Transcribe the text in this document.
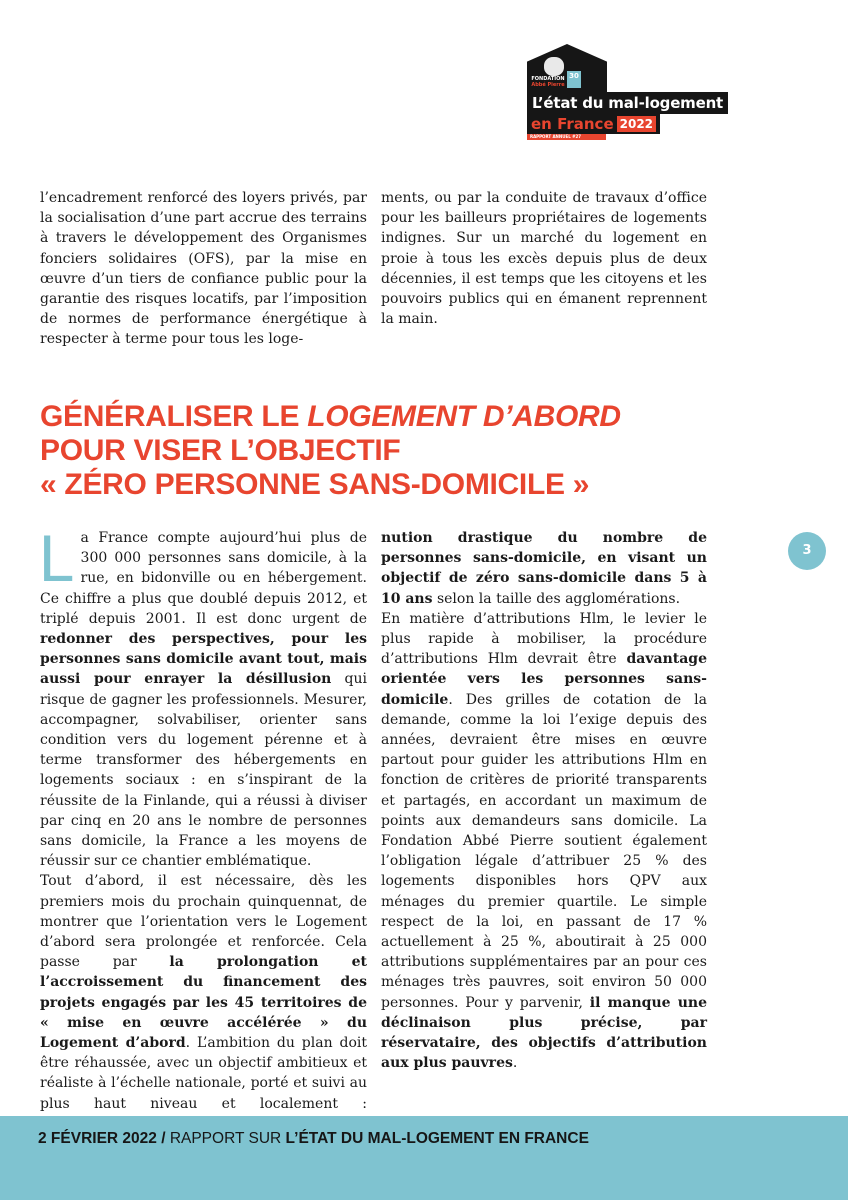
FONDATION
Abbé Pierre
30
L’état du mal-logement
en France 2022
RAPPORT ANNUEL #27

l’encadrement renforcé des loyers privés, par la socialisation d’une part accrue des terrains à travers le développement des Organismes fonciers solidaires (OFS), par la mise en œuvre d’un tiers de confiance public pour la garantie des risques locatifs, par l’imposition de normes de performance énergétique à respecter à terme pour tous les loge-

ments, ou par la conduite de travaux d’office pour les bailleurs propriétaires de logements indignes. Sur un marché du logement en proie à tous les excès depuis plus de deux décennies, il est temps que les citoyens et les pouvoirs publics qui en émanent reprennent la main.

GÉNÉRALISER LE LOGEMENT D’ABORD
POUR VISER L’OBJECTIF
« ZÉRO PERSONNE SANS-DOMICILE »

La France compte aujourd’hui plus de 300 000 personnes sans domicile, à la rue, en bidonville ou en hébergement. Ce chiffre a plus que doublé depuis 2012, et triplé depuis 2001. Il est donc urgent de redonner des perspectives, pour les personnes sans domicile avant tout, mais aussi pour enrayer la désillusion qui risque de gagner les professionnels. Mesurer, accompagner, solvabiliser, orienter sans condition vers du logement pérenne et à terme transformer des hébergements en logements sociaux : en s’inspirant de la réussite de la Finlande, qui a réussi à diviser par cinq en 20 ans le nombre de personnes sans domicile, la France a les moyens de réussir sur ce chantier emblématique.

Tout d’abord, il est nécessaire, dès les premiers mois du prochain quinquennat, de montrer que l’orientation vers le Logement d’abord sera prolongée et renforcée. Cela passe par la prolongation et l’accroissement du financement des projets engagés par les 45 territoires de « mise en œuvre accélérée » du Logement d’abord. L’ambition du plan doit être réhaussée, avec un objectif ambitieux et réaliste à l’échelle nationale, porté et suivi au plus haut niveau et localement :

nution drastique du nombre de personnes sans-domicile, en visant un objectif de zéro sans-domicile dans 5 à 10 ans selon la taille des agglomérations.

En matière d’attributions Hlm, le levier le plus rapide à mobiliser, la procédure d’attributions Hlm devrait être davantage orientée vers les personnes sans-domicile. Des grilles de cotation de la demande, comme la loi l’exige depuis des années, devraient être mises en œuvre partout pour guider les attributions Hlm en fonction de critères de priorité transparents et partagés, en accordant un maximum de points aux demandeurs sans domicile. La Fondation Abbé Pierre soutient également l’obligation légale d’attribuer 25 % des logements disponibles hors QPV aux ménages du premier quartile. Le simple respect de la loi, en passant de 17 % actuellement à 25 %, aboutirait à 25 000 attributions supplémentaires par an pour ces ménages très pauvres, soit environ 50 000 personnes. Pour y parvenir, il manque une déclinaison plus précise, par réservataire, des objectifs d’attribution aux plus pauvres.

3
2 FÉVRIER 2022 / RAPPORT SUR L’ÉTAT DU MAL-LOGEMENT EN FRANCE
